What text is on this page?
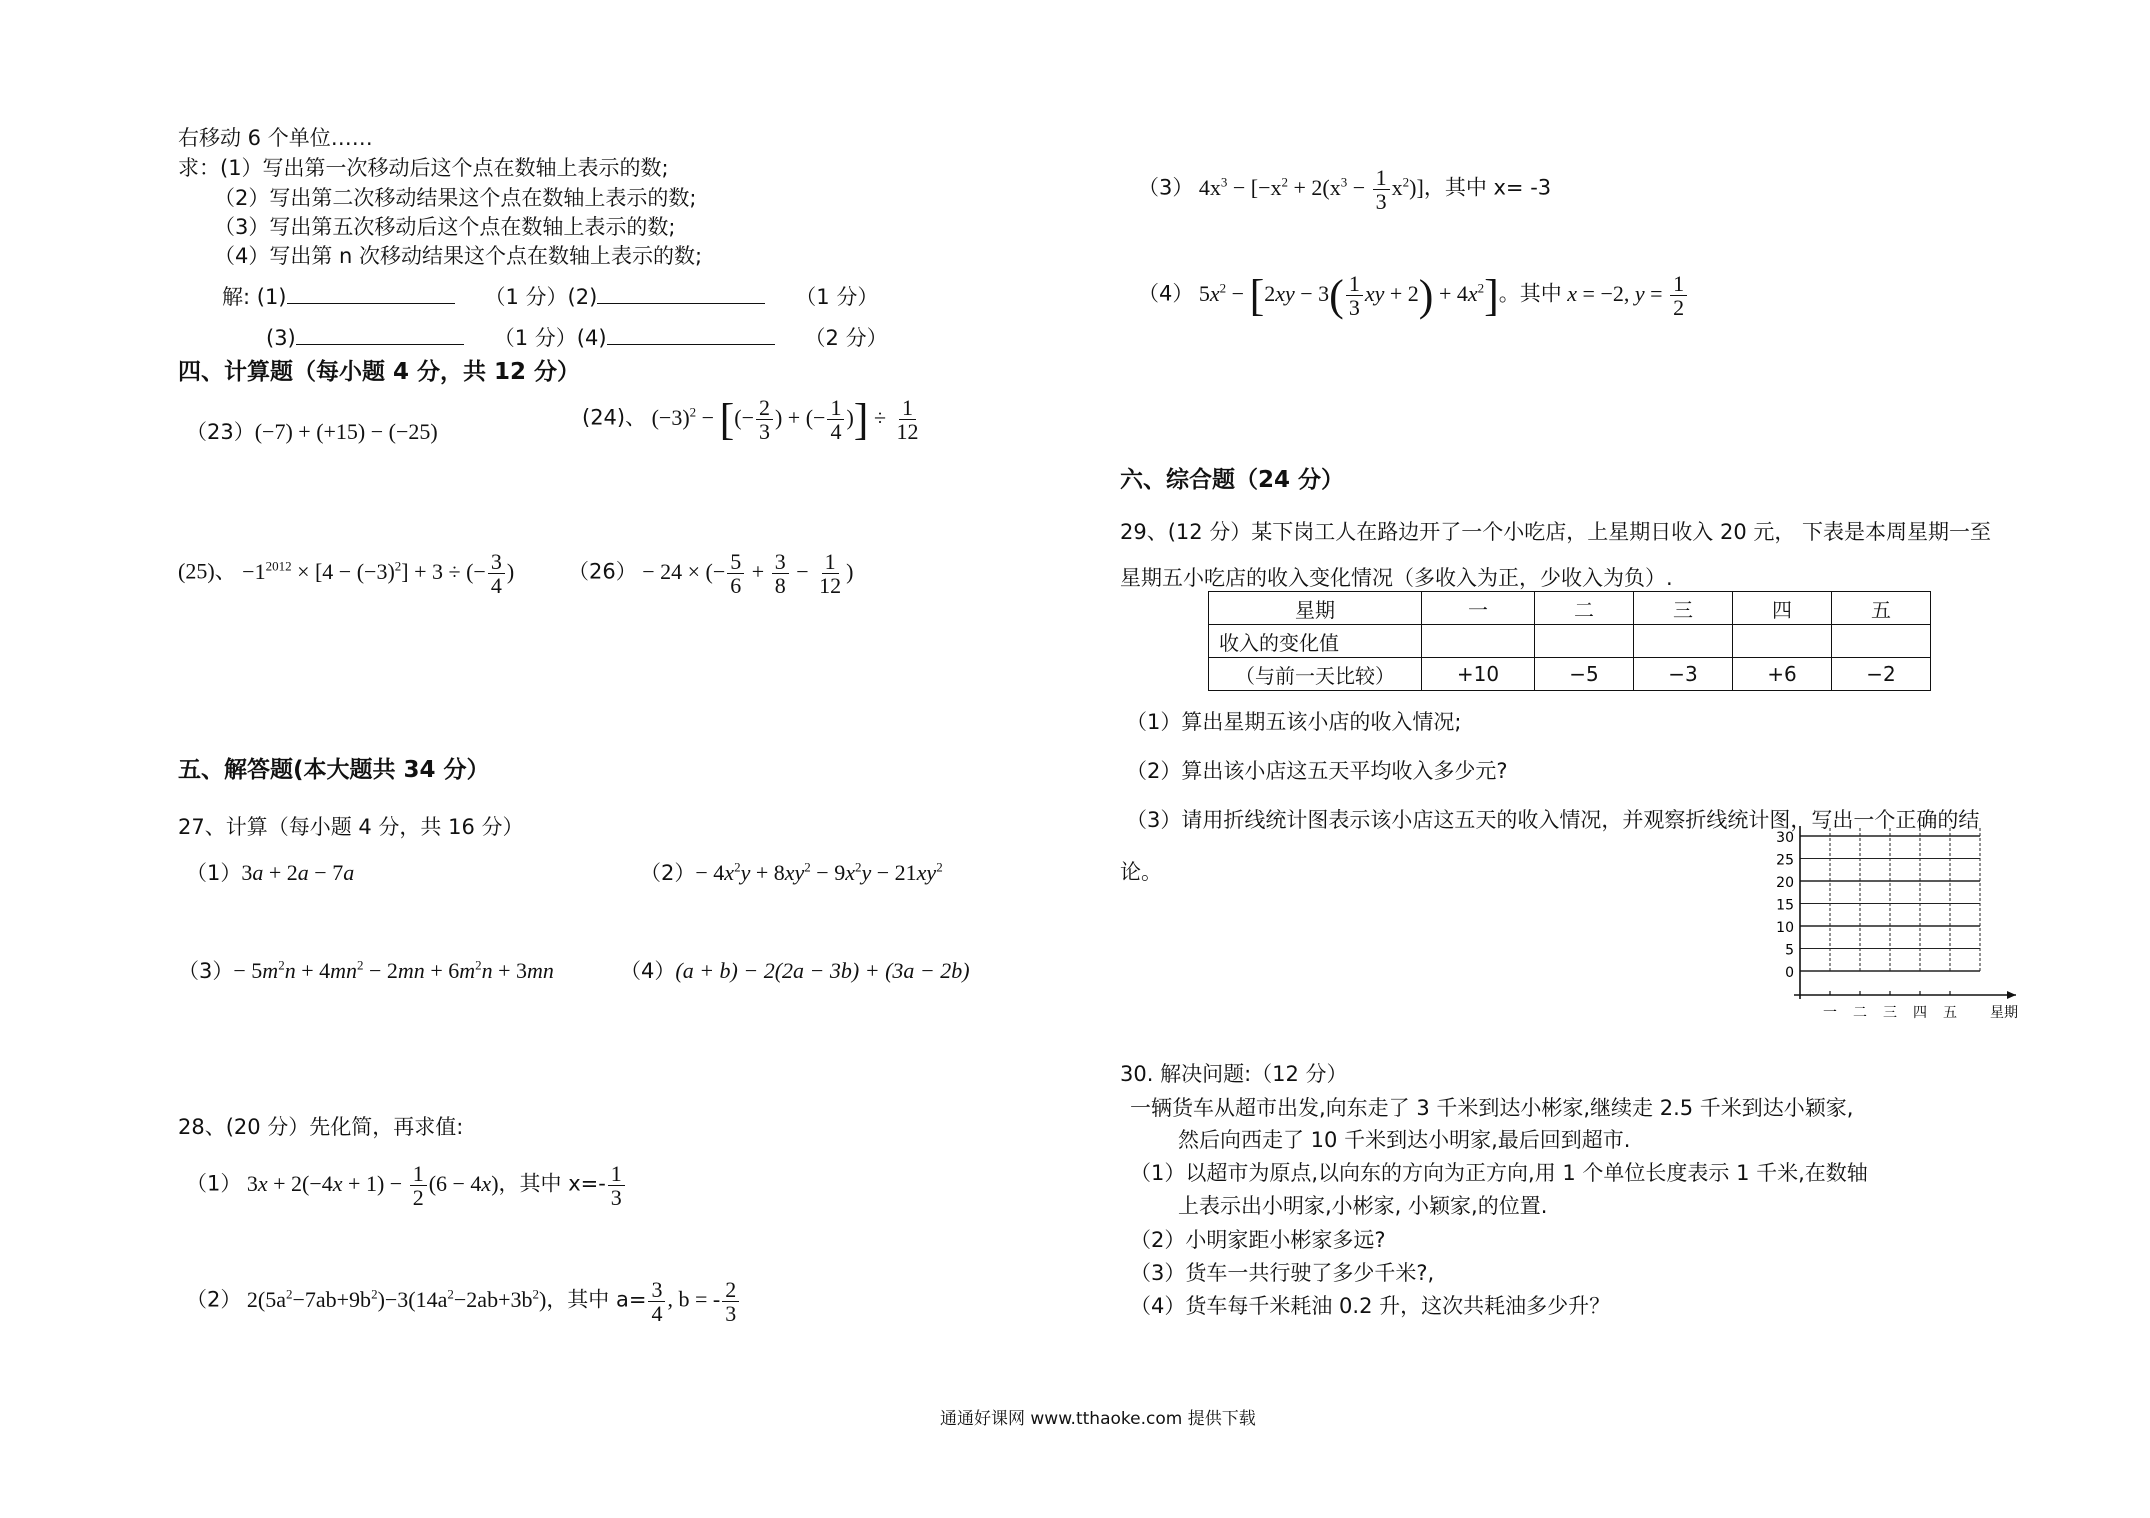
右移动 6 个单位……
求：(1）写出第一次移动后这个点在数轴上表示的数;
（2）写出第二次移动结果这个点在数轴上表示的数;
（3）写出第五次移动后这个点在数轴上表示的数;
（4）写出第 n 次移动结果这个点在数轴上表示的数;
解: (1)	（1 分）(2)	（1 分）
(3)	（1 分）(4)	（2 分）
四、计算题（每小题 4 分，共 12 分）
（23）(−7) + (+15) − (−25)
(24)、 $(-3)^2$ − [(− $\frac{2}{3}$ ) + (− $\frac{1}{4}$ )] ÷ $\frac{1}{12}$
(25)、 $-1^{2012} \times [4 - (-3)^2] + 3$ ÷ (− $\frac{3}{4}$ )	（26） − 24 × (− $\frac{5}{6} + \frac{3}{8} - \frac{1}{12}$ )
五、解答题(本大题共 34 分）
27、计算（每小题 4 分，共 16 分）
（1）3a + 2a − 7a	$(2)- 4x^2y + 8xy^2 - 9x^2y - 21xy^2$
$(3)- 5m^2n + 4mn^2 - 2mn + 6m^2n + 3mn$	（4）(a + b) − 2(2a − 3b) + (3a − 2b)
28、(20 分）先化简，再求值:
（1） $3x + 2(-4x + 1) - \frac{1}{2} (6 - 4x)$，其中 $x=- \frac{1}{3}$
（2） $2(5a^2-7ab+9b^2)-3(14a^2-2ab+3b^2)$，其中 $a= \frac{3}{4}$ , b = - $\frac{2}{3}$
（3） $4x^3 - [-x^2 + 2(x^3 - \frac{1}{3} x^2)]$，其中 x= -3
（4） $5x^2 - [2xy - 3( \frac{1}{3}$ xy + $2) + 4x^2$]。其中 x = −2, $y = \frac{1}{2}$
六、综合题（24 分）
29、(12 分）某下岗工人在路边开了一个小吃店，上星期日收入 20 元， 下表是本周星期一至
星期五小吃店的收入变化情况（多收入为正，少收入为负）.
星期	一	二	三	四	五
收入的变化值					
（与前一天比较）	+10	−5	−3	+6	−2
（1）算出星期五该小店的收入情况;
（2）算出该小店这五天平均收入多少元?
（3）请用折线统计图表示该小店这五天的收入情况，并观察折线统计图，写出一个正确的结
论。
30
25
20
15
10
5
0
一 二 三 四 五 星期
30. 解决问题:（12 分）
一辆货车从超市出发,向东走了 3 千米到达小彬家,继续走 2.5 千米到达小颖家,
然后向西走了 10 千米到达小明家,最后回到超市.
（1）以超市为原点,以向东的方向为正方向,用 1 个单位长度表示 1 千米,在数轴
上表示出小明家,小彬家, 小颖家,的位置.
（2）小明家距小彬家多远?
（3）货车一共行驶了多少千米?,
（4）货车每千米耗油 0.2 升，这次共耗油多少升？
通通好课网 www.tthaoke.com 提供下载
